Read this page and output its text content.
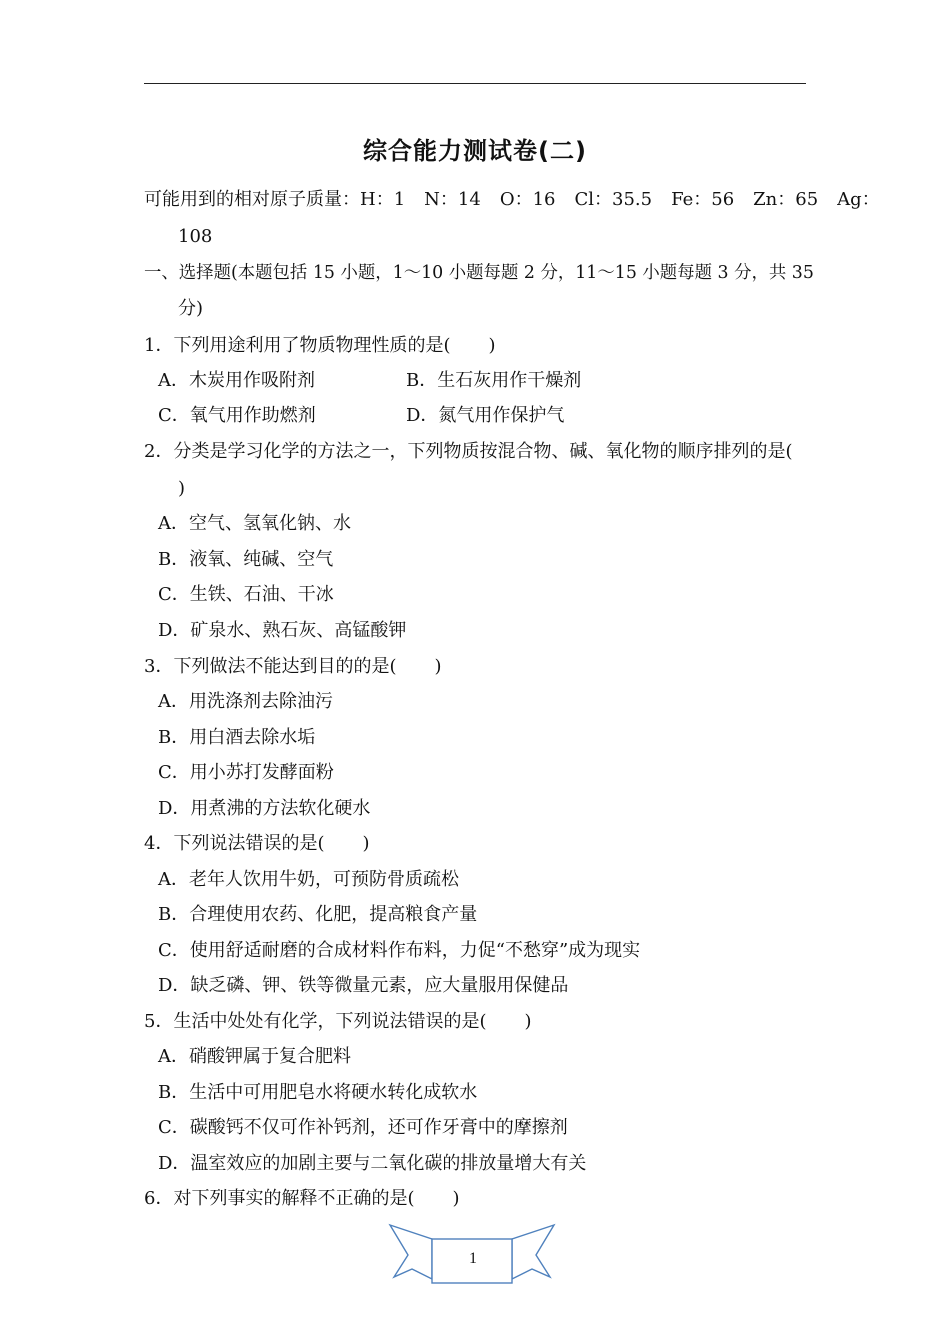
综合能力测试卷(二)
可能用到的相对原子质量：H：1 N：14 O：16 Cl：35.5 Fe：56 Zn：65 Ag：
108
一、选择题(本题包括 15 小题，1～10 小题每题 2 分，11～15 小题每题 3 分，共 35
分)
1．下列用途利用了物质物理性质的是( )
A．木炭用作吸附剂	B．生石灰用作干燥剂
C．氧气用作助燃剂	D．氮气用作保护气
2．分类是学习化学的方法之一，下列物质按混合物、碱、氧化物的顺序排列的是(
)
A．空气、氢氧化钠、水
B．液氧、纯碱、空气
C．生铁、石油、干冰
D．矿泉水、熟石灰、高锰酸钾
3．下列做法不能达到目的的是( )
A．用洗涤剂去除油污
B．用白酒去除水垢
C．用小苏打发酵面粉
D．用煮沸的方法软化硬水
4．下列说法错误的是( )
A．老年人饮用牛奶，可预防骨质疏松
B．合理使用农药、化肥，提高粮食产量
C．使用舒适耐磨的合成材料作布料，力促“不愁穿”成为现实
D．缺乏磷、钾、铁等微量元素，应大量服用保健品
5．生活中处处有化学，下列说法错误的是( )
A．硝酸钾属于复合肥料
B．生活中可用肥皂水将硬水转化成软水
C．碳酸钙不仅可作补钙剂，还可作牙膏中的摩擦剂
D．温室效应的加剧主要与二氧化碳的排放量增大有关
6．对下列事实的解释不正确的是( )
1
